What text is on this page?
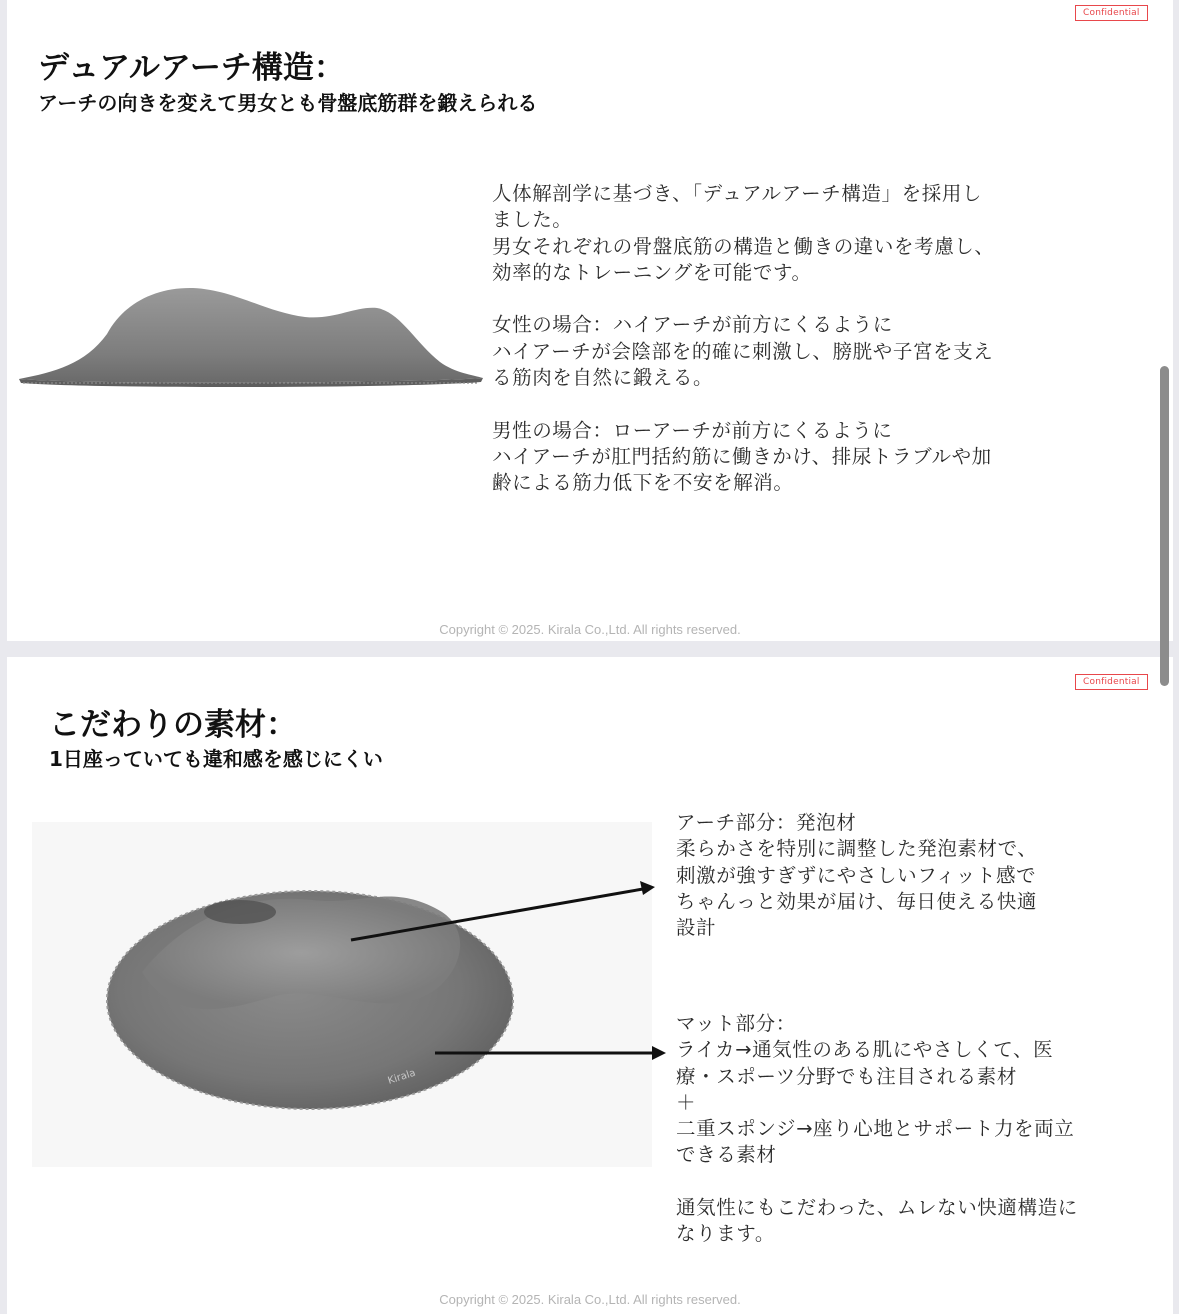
Confidential
デュアルアーチ構造：
アーチの向きを変えて男女とも骨盤底筋群を鍛えられる

人体解剖学に基づき、「デュアルアーチ構造」を採用し

ました。

男女それぞれの骨盤底筋の構造と働きの違いを考慮し、

効率的なトレーニングを可能です。

女性の場合：ハイアーチが前方にくるように

ハイアーチが会陰部を的確に刺激し、膀胱や子宮を支え

る筋肉を自然に鍛える。

男性の場合：ローアーチが前方にくるように

ハイアーチが肛門括約筋に働きかけ、排尿トラブルや加

齢による筋力低下を不安を解消。

Copyright © 2025. Kirala Co.,Ltd. All rights reserved.
Confidential
こだわりの素材：
1日座っていても違和感を感じにくい
Kirala

アーチ部分：発泡材

柔らかさを特別に調整した発泡素材で、

刺激が強すぎずにやさしいフィット感で

ちゃんっと効果が届け、毎日使える快適

設計

マット部分：

ライカ→通気性のある肌にやさしくて、医

療・スポーツ分野でも注目される素材

＋

二重スポンジ→座り心地とサポート力を両立

できる素材

通気性にもこだわった、ムレない快適構造に

なります。

Copyright © 2025. Kirala Co.,Ltd. All rights reserved.
